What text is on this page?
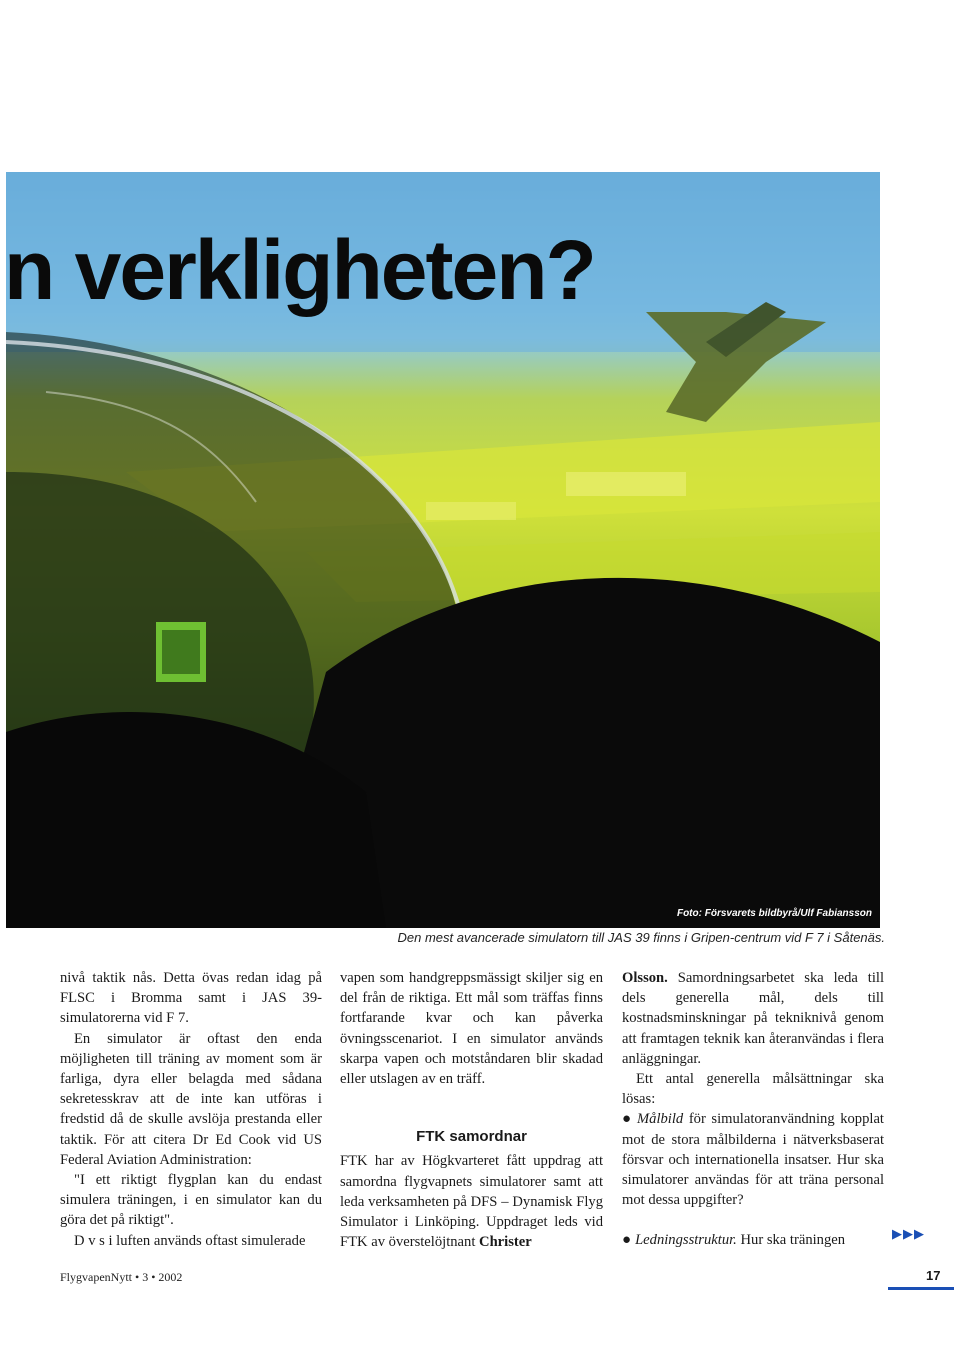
n verkligheten?
Foto: Försvarets bildbyrå/Ulf Fabiansson
Den mest avancerade simulatorn till JAS 39 finns i Gripen-centrum vid F 7 i Såtenäs.

nivå taktik nås. Detta övas redan idag på FLSC i Bromma samt i JAS 39-simulatorerna vid F 7.

En simulator är oftast den enda möjligheten till träning av moment som är farliga, dyra eller belagda med sådana sekretesskrav att de inte kan utföras i fredstid då de skulle avslöja prestanda eller taktik. För att citera Dr Ed Cook vid US Federal Aviation Administration:

"I ett riktigt flygplan kan du endast simulera träningen, i en simulator kan du göra det på riktigt".

D v s i luften används oftast simulerade

vapen som handgreppsmässigt skiljer sig en del från de riktiga. Ett mål som träffas finns fortfarande kvar och kan påverka övningsscenariot. I en simulator används skarpa vapen och motståndaren blir skadad eller utslagen av en träff.

FTK samordnar

FTK har av Högkvarteret fått uppdrag att samordna flygvapnets simulatorer samt att leda verksamheten på DFS – Dynamisk Flyg Simulator i Linköping. Uppdraget leds vid FTK av överstelöjtnant Christer

Olsson. Samordningsarbetet ska leda till dels generella mål, dels till kostnadsminskningar på tekniknivå genom att framtagen teknik kan återanvändas i flera anläggningar.

Ett antal generella målsättningar ska lösas:

● Målbild för simulatoranvändning kopplat mot de stora målbilderna i nätverksbaserat försvar och internationella insatser. Hur ska simulatorer användas för att träna personal mot dessa uppgifter?

● Ledningsstruktur. Hur ska träningen	▶▶▶
FlygvapenNytt • 3 • 2002	17
